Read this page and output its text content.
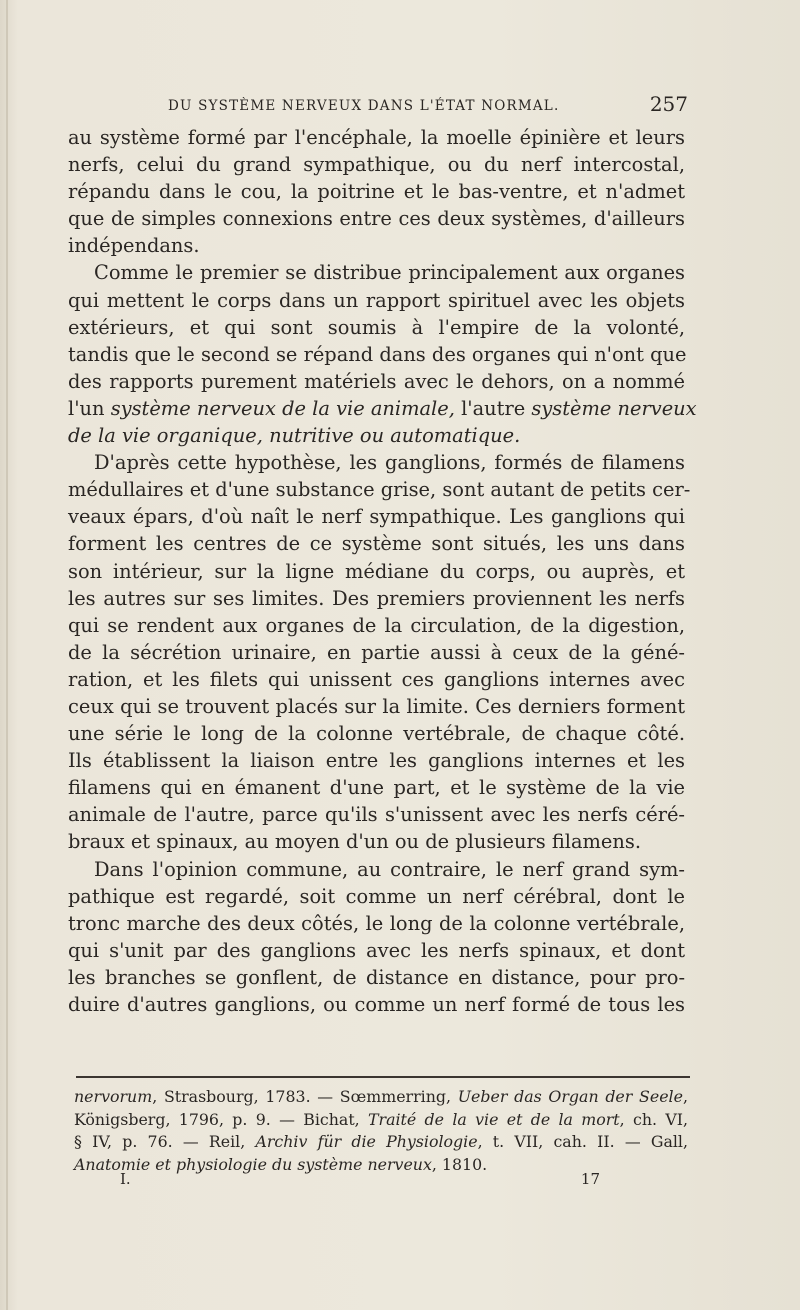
DU SYSTÈME NERVEUX DANS L'ÉTAT NORMAL.	257
au système formé par l'encéphale, la moelle épinière et leurs
nerfs, celui du grand sympathique, ou du nerf intercostal,
répandu dans le cou, la poitrine et le bas-ventre, et n'admet
que de simples connexions entre ces deux systèmes, d'ailleurs
indépendans.
Comme le premier se distribue principalement aux organes
qui mettent le corps dans un rapport spirituel avec les objets
extérieurs, et qui sont soumis à l'empire de la volonté,
tandis que le second se répand dans des organes qui n'ont que
des rapports purement matériels avec le dehors, on a nommé
l'un système nerveux de la vie animale, l'autre système nerveux
de la vie organique, nutritive ou automatique.
D'après cette hypothèse, les ganglions, formés de filamens
médullaires et d'une substance grise, sont autant de petits cer-
veaux épars, d'où naît le nerf sympathique. Les ganglions qui
forment les centres de ce système sont situés, les uns dans
son intérieur, sur la ligne médiane du corps, ou auprès, et
les autres sur ses limites. Des premiers proviennent les nerfs
qui se rendent aux organes de la circulation, de la digestion,
de la sécrétion urinaire, en partie aussi à ceux de la géné-
ration, et les filets qui unissent ces ganglions internes avec
ceux qui se trouvent placés sur la limite. Ces derniers forment
une série le long de la colonne vertébrale, de chaque côté.
Ils établissent la liaison entre les ganglions internes et les
filamens qui en émanent d'une part, et le système de la vie
animale de l'autre, parce qu'ils s'unissent avec les nerfs céré-
braux et spinaux, au moyen d'un ou de plusieurs filamens.
Dans l'opinion commune, au contraire, le nerf grand sym-
pathique est regardé, soit comme un nerf cérébral, dont le
tronc marche des deux côtés, le long de la colonne vertébrale,
qui s'unit par des ganglions avec les nerfs spinaux, et dont
les branches se gonflent, de distance en distance, pour pro-
duire d'autres ganglions, ou comme un nerf formé de tous les
nervorum, Strasbourg, 1783. — Sœmmerring, Ueber das Organ der Seele,
Königsberg, 1796, p. 9. — Bichat, Traité de la vie et de la mort, ch. VI,
§ IV, p. 76. — Reil, Archiv für die Physiologie, t. VII, cah. II. — Gall,
Anatomie et physiologie du système nerveux, 1810.
I.	17
